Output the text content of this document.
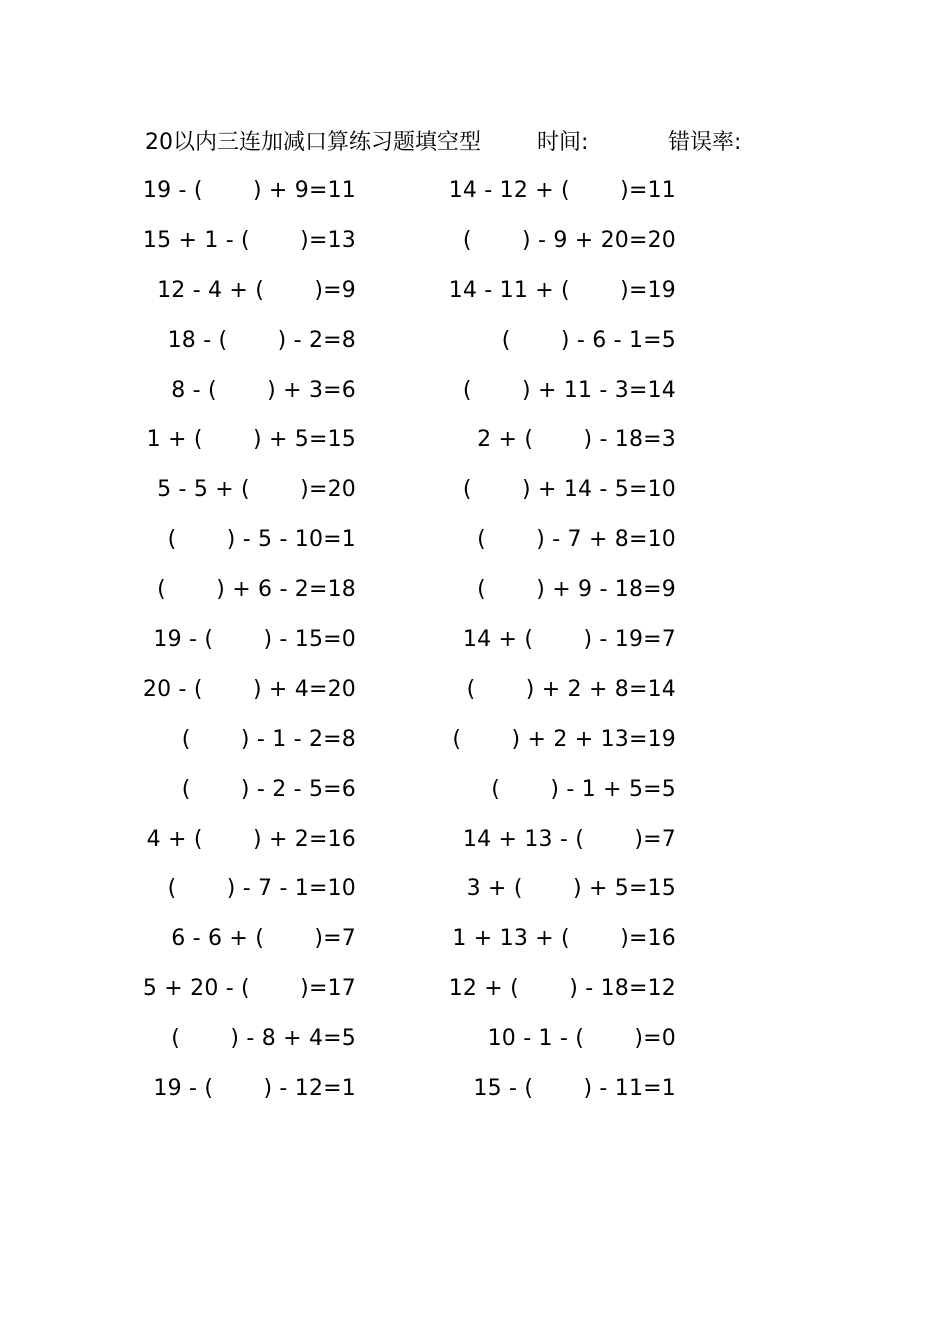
20以内三连加减口算练习题填空型	时间:	错误率:
19 - (       ) + 9=11
15 + 1 - (       )=13
12 - 4 + (       )=9
18 - (       ) - 2=8
8 - (       ) + 3=6
1 + (       ) + 5=15
5 - 5 + (       )=20
(       ) - 5 - 10=1
(       ) + 6 - 2=18
19 - (       ) - 15=0
20 - (       ) + 4=20
(       ) - 1 - 2=8
(       ) - 2 - 5=6
4 + (       ) + 2=16
(       ) - 7 - 1=10
6 - 6 + (       )=7
5 + 20 - (       )=17
(       ) - 8 + 4=5
19 - (       ) - 12=1
14 - 12 + (       )=11
(       ) - 9 + 20=20
14 - 11 + (       )=19
(       ) - 6 - 1=5
(       ) + 11 - 3=14
2 + (       ) - 18=3
(       ) + 14 - 5=10
(       ) - 7 + 8=10
(       ) + 9 - 18=9
14 + (       ) - 19=7
(       ) + 2 + 8=14
(       ) + 2 + 13=19
(       ) - 1 + 5=5
14 + 13 - (       )=7
3 + (       ) + 5=15
1 + 13 + (       )=16
12 + (       ) - 18=12
10 - 1 - (       )=0
15 - (       ) - 11=1
